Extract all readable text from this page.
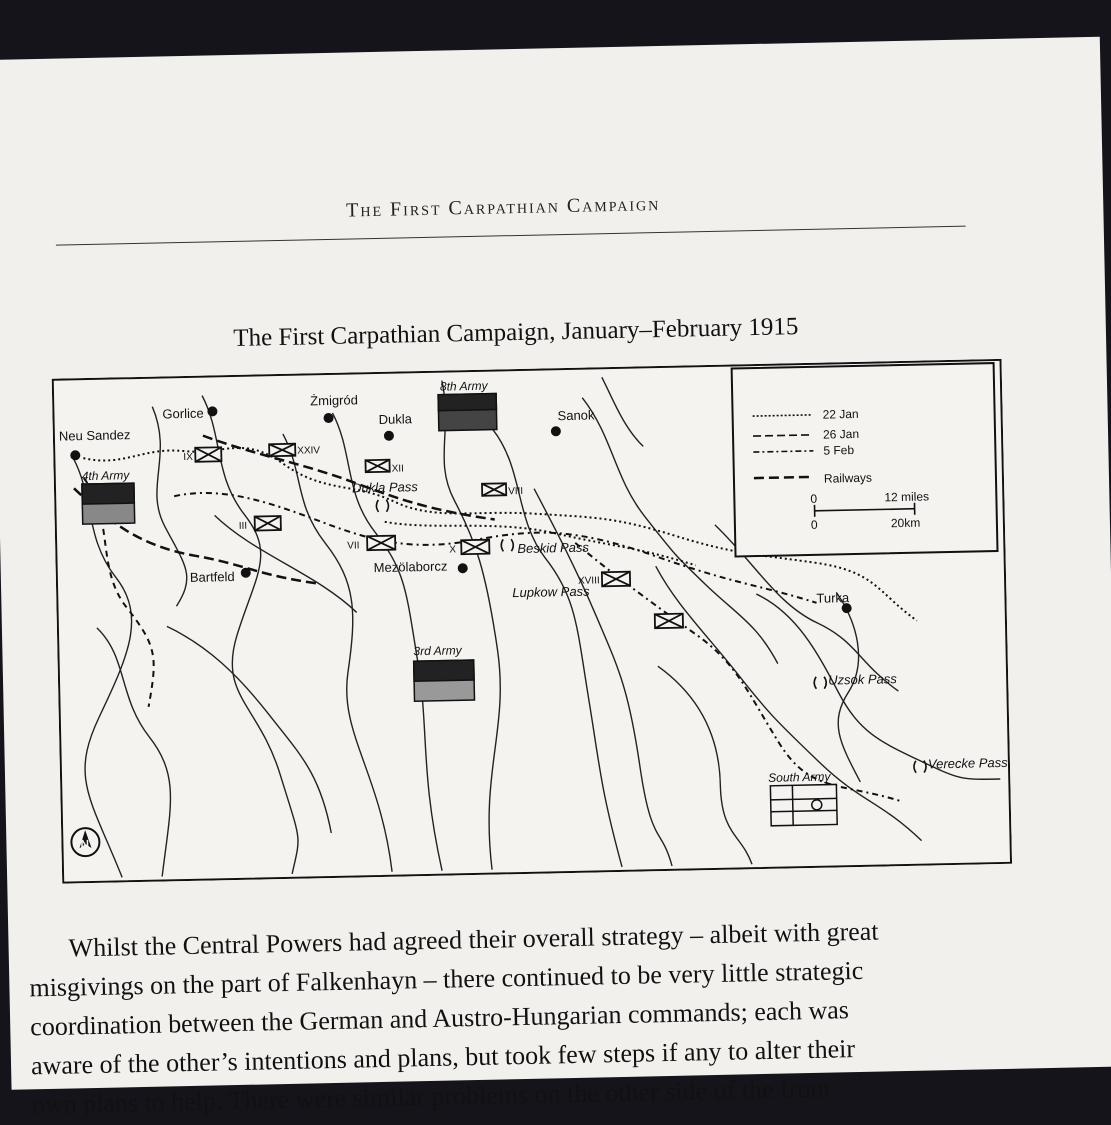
The First Carpathian Campaign
The First Carpathian Campaign, January–February 1915
Neu Sandez
Gorlice
Żmigród
Dukla	Sanok
Bartfeld
Mezölaborcz
Turka
Dukla Pass
Beskid Pass
Lupkow Pass
Uzsok Pass
Verecke Pass
8th Army
4th Army
3rd Army
South Army
IX
XXIV
XII
VIII
III
VII	X
XVIII
22 Jan
26 Jan
5 Feb
Railways
0	12 miles
0	20km
N
Whilst the Central Powers had agreed their overall strategy – albeit with great
misgivings on the part of Falkenhayn – there continued to be very little strategic
coordination between the German and Austro-Hungarian commands; each was
aware of the other’s intentions and plans, but took few steps if any to alter their
own plans to help. There were similar problems on the other side of the front
